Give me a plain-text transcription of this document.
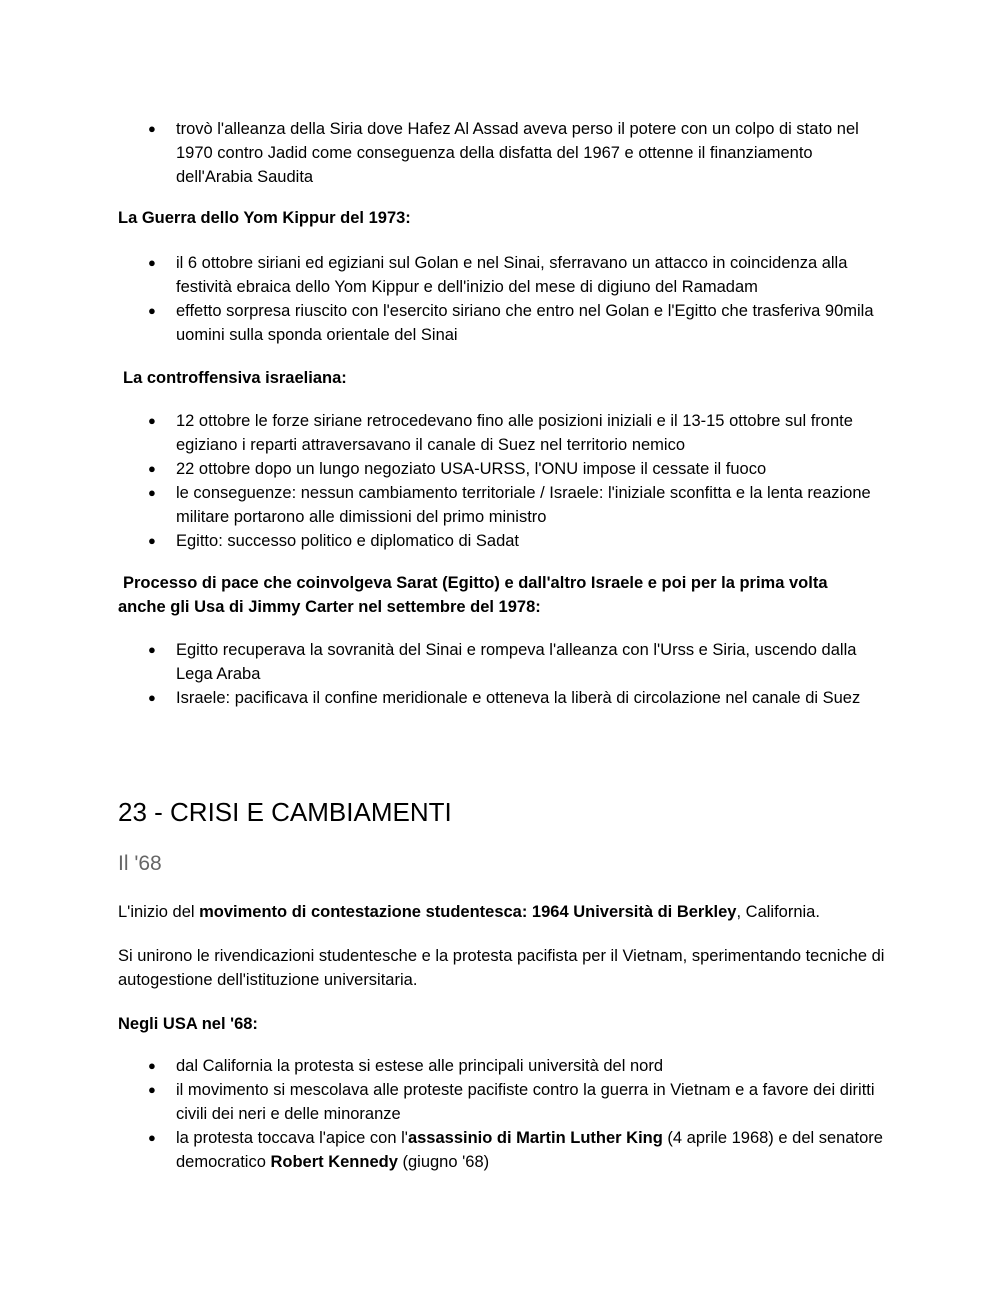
● trovò l'alleanza della Siria dove Hafez Al Assad aveva perso il potere con un colpo di stato nel 1970 contro Jadid come conseguenza della disfatta del 1967 e ottenne il finanziamento dell'Arabia Saudita

La Guerra dello Yom Kippur del 1973:

● il 6 ottobre siriani ed egiziani sul Golan e nel Sinai, sferravano un attacco in coincidenza alla festività ebraica dello Yom Kippur e dell'inizio del mese di digiuno del Ramadam
● effetto sorpresa riuscito con l'esercito siriano che entro nel Golan e l'Egitto che trasferiva 90mila uomini sulla sponda orientale del Sinai

La controffensiva israeliana:

● 12 ottobre le forze siriane retrocedevano fino alle posizioni iniziali e il 13-15 ottobre sul fronte egiziano i reparti attraversavano il canale di Suez nel territorio nemico
● 22 ottobre dopo un lungo negoziato USA-URSS, l'ONU impose il cessate il fuoco
● le conseguenze: nessun cambiamento territoriale / Israele: l'iniziale sconfitta e la lenta reazione militare portarono alle dimissioni del primo ministro
● Egitto: successo politico e diplomatico di Sadat

Processo di pace che coinvolgeva Sarat (Egitto) e dall'altro Israele e poi per la prima volta anche gli Usa di Jimmy Carter nel settembre del 1978:

● Egitto recuperava la sovranità del Sinai e rompeva l'alleanza con l'Urss e Siria, uscendo dalla Lega Araba
● Israele: pacificava il confine meridionale e otteneva la liberà di circolazione nel canale di Suez
23 - CRISI E CAMBIAMENTI
Il '68

L'inizio del movimento di contestazione studentesca: 1964 Università di Berkley, California.

Si unirono le rivendicazioni studentesche e la protesta pacifista per il Vietnam, sperimentando tecniche di autogestione dell'istituzione universitaria.

Negli USA nel '68:

● dal California la protesta si estese alle principali università del nord
● il movimento si mescolava alle proteste pacifiste contro la guerra in Vietnam e a favore dei diritti civili dei neri e delle minoranze
● la protesta toccava l'apice con l'assassinio di Martin Luther King (4 aprile 1968) e del senatore democratico Robert Kennedy (giugno '68)
